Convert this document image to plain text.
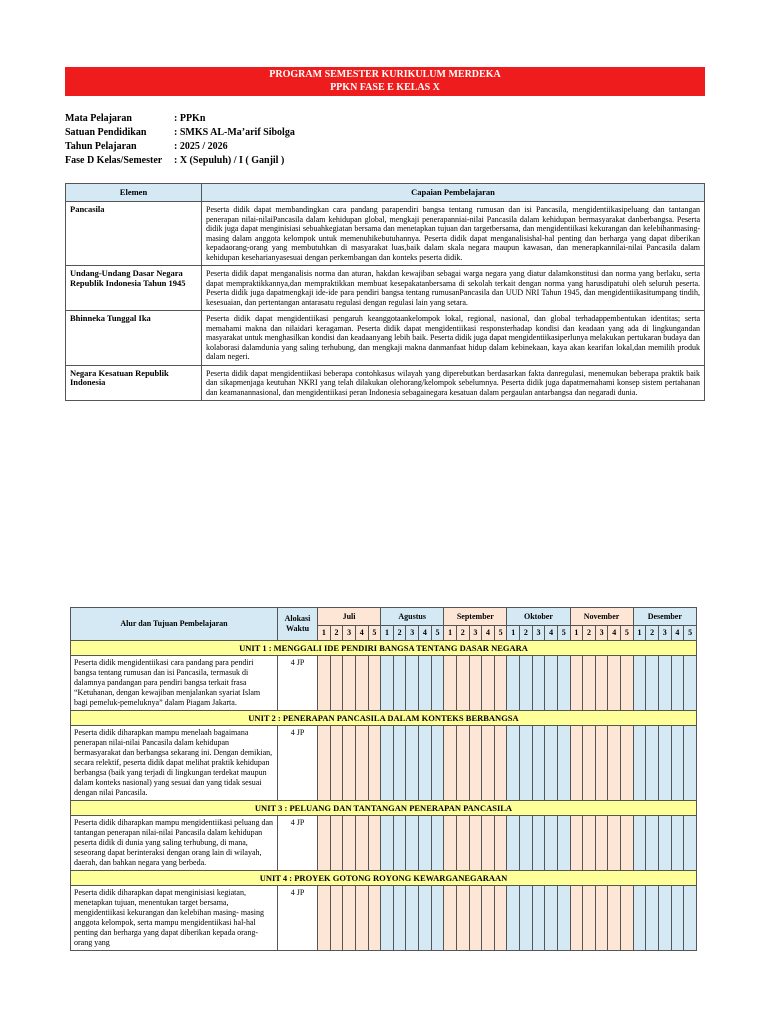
PROGRAM SEMESTER KURIKULUM MERDEKA
PPKN FASE E KELAS X
Mata Pelajaran	: PPKn
Satuan Pendidikan	: SMKS AL-Ma’arif Sibolga
Tahun Pelajaran	: 2025 / 2026
Fase D Kelas/Semester	: X (Sepuluh) / I ( Ganjil )
Elemen	Capaian Pembelajaran
Pancasila	Peserta didik dapat membandingkan cara pandang parapendiri bangsa tentang rumusan dan isi Pancasila, mengidentiikasipeluang dan tantangan penerapan nilai-nilaiPancasila dalam kehidupan global, mengkaji penerapanniai-nilai Pancasila dalam kehidupan bermasyarakat danberbangsa. Peserta didik juga dapat menginisiasi sebuahkegiatan bersama dan menetapkan tujuan dan targetbersama, dan mengidentiikasi kekurangan dan kelebihanmasing-masing dalam anggota kelompok untuk memenuhikebutuhannya. Peserta didik dapat menganalisishal-hal penting dan berharga yang dapat diberikan kepadaorang-orang yang membutuhkan di masyarakat luas,baik dalam skala negara maupun kawasan, dan menerapkannilai-nilai Pancasila dalam kehidupan keseharianyasesuai dengan perkembangan dan konteks peserta didik.
Undang-Undang Dasar Negara Republik Indonesia Tahun 1945	Peserta didik dapat menganalisis norma dan aturan, hakdan kewajiban sebagai warga negara yang diatur dalamkonstitusi dan norma yang berlaku, serta dapat mempraktikkannya,dan mempraktikkan membuat kesepakatanbersama di sekolah terkait dengan norma yang harusdipatuhi oleh seluruh peserta. Peserta didik juga dapatmengkaji ide-ide para pendiri bangsa tentang rumusanPancasila dan UUD NRI Tahun 1945, dan mengidentiikasitumpang tindih, kesesuaian, dan pertentangan antarasatu regulasi dengan regulasi lain yang setara.
Bhinneka Tunggal Ika	Peserta didik dapat mengidentiikasi pengaruh keanggotaankelompok lokal, regional, nasional, dan global terhadappembentukan identitas; serta memahami makna dan nilaidari keragaman. Peserta didik dapat mengidentiikasi responsterhadap kondisi dan keadaan yang ada di lingkungandan masyarakat untuk menghasilkan kondisi dan keadaanyang lebih baik. Peserta didik juga dapat mengidentiikasiperlunya melakukan pertukaran budaya dan kolaborasi dalamdunia yang saling terhubung, dan mengkaji makna danmanfaat hidup dalam kebinekaan, kaya akan kearifan lokal,dan memilih produk dalam negeri.
Negara Kesatuan Republik Indonesia	Peserta didik dapat mengidentiikasi beberapa contohkasus wilayah yang diperebutkan berdasarkan fakta danregulasi, menemukan beberapa praktik baik dan sikapmenjaga keutuhan NKRI yang telah dilakukan olehorang/kelompok sebelumnya. Peserta didik juga dapatmemahami konsep sistem pertahanan dan keamanannasional, dan mengidentiikasi peran Indonesia sebagainegara kesatuan dalam pergaulan antarbangsa dan negaradi dunia.
Alur dan Tujuan Pembelajaran	Alokasi Waktu	Juli					Agustus					September					Oktober					November					Desember				
		1	2	3	4	5	1	2	3	4	5	1	2	3	4	5	1	2	3	4	5	1	2	3	4	5	1	2	3	4	5
UNIT 1 : MENGGALI IDE PENDIRI BANGSA TENTANG DASAR NEGARA																															
Peserta didik mengidentiikasi cara pandang para pendiri bangsa tentang rumusan dan isi Pancasila, termasuk di dalamnya pandangan para pendiri bangsa terkait frasa “Ketuhanan, dengan kewajiban menjalankan syariat Islam bagi pemeluk-pemeluknya” dalam Piagam Jakarta.	4 JP																														
UNIT 2 : PENERAPAN PANCASILA DALAM KONTEKS BERBANGSA																															
Peserta didik diharapkan mampu menelaah bagaimana penerapan nilai-nilai Pancasila dalam kehidupan bermasyarakat dan berbangsa sekarang ini. Dengan demikian, secara relektif, peserta didik dapat melihat praktik kehidupan berbangsa (baik yang terjadi di lingkungan terdekat maupun dalam konteks nasional) yang sesuai dan yang tidak sesuai dengan nilai Pancasila.	4 JP																														
UNIT 3 : PELUANG DAN TANTANGAN PENERAPAN PANCASILA																															
Peserta didik diharapkan mampu mengidentiikasi peluang dan tantangan penerapan nilai-nilai Pancasila dalam kehidupan peserta didik di dunia yang saling terhubung, di mana, seseorang dapat berinteraksi dengan orang lain di wilayah, daerah, dan bahkan negara yang berbeda.	4 JP																														
UNIT 4 : PROYEK GOTONG ROYONG KEWARGANEGARAAN																															
Peserta didik diharapkan dapat menginisiasi kegiatan, menetapkan tujuan, menentukan target bersama, mengidentiikasi kekurangan dan kelebihan masing- masing anggota kelompok, serta mampu mengidentiikasi hal-hal penting dan berharga yang dapat diberikan kepada orang-orang yang	4 JP																														
